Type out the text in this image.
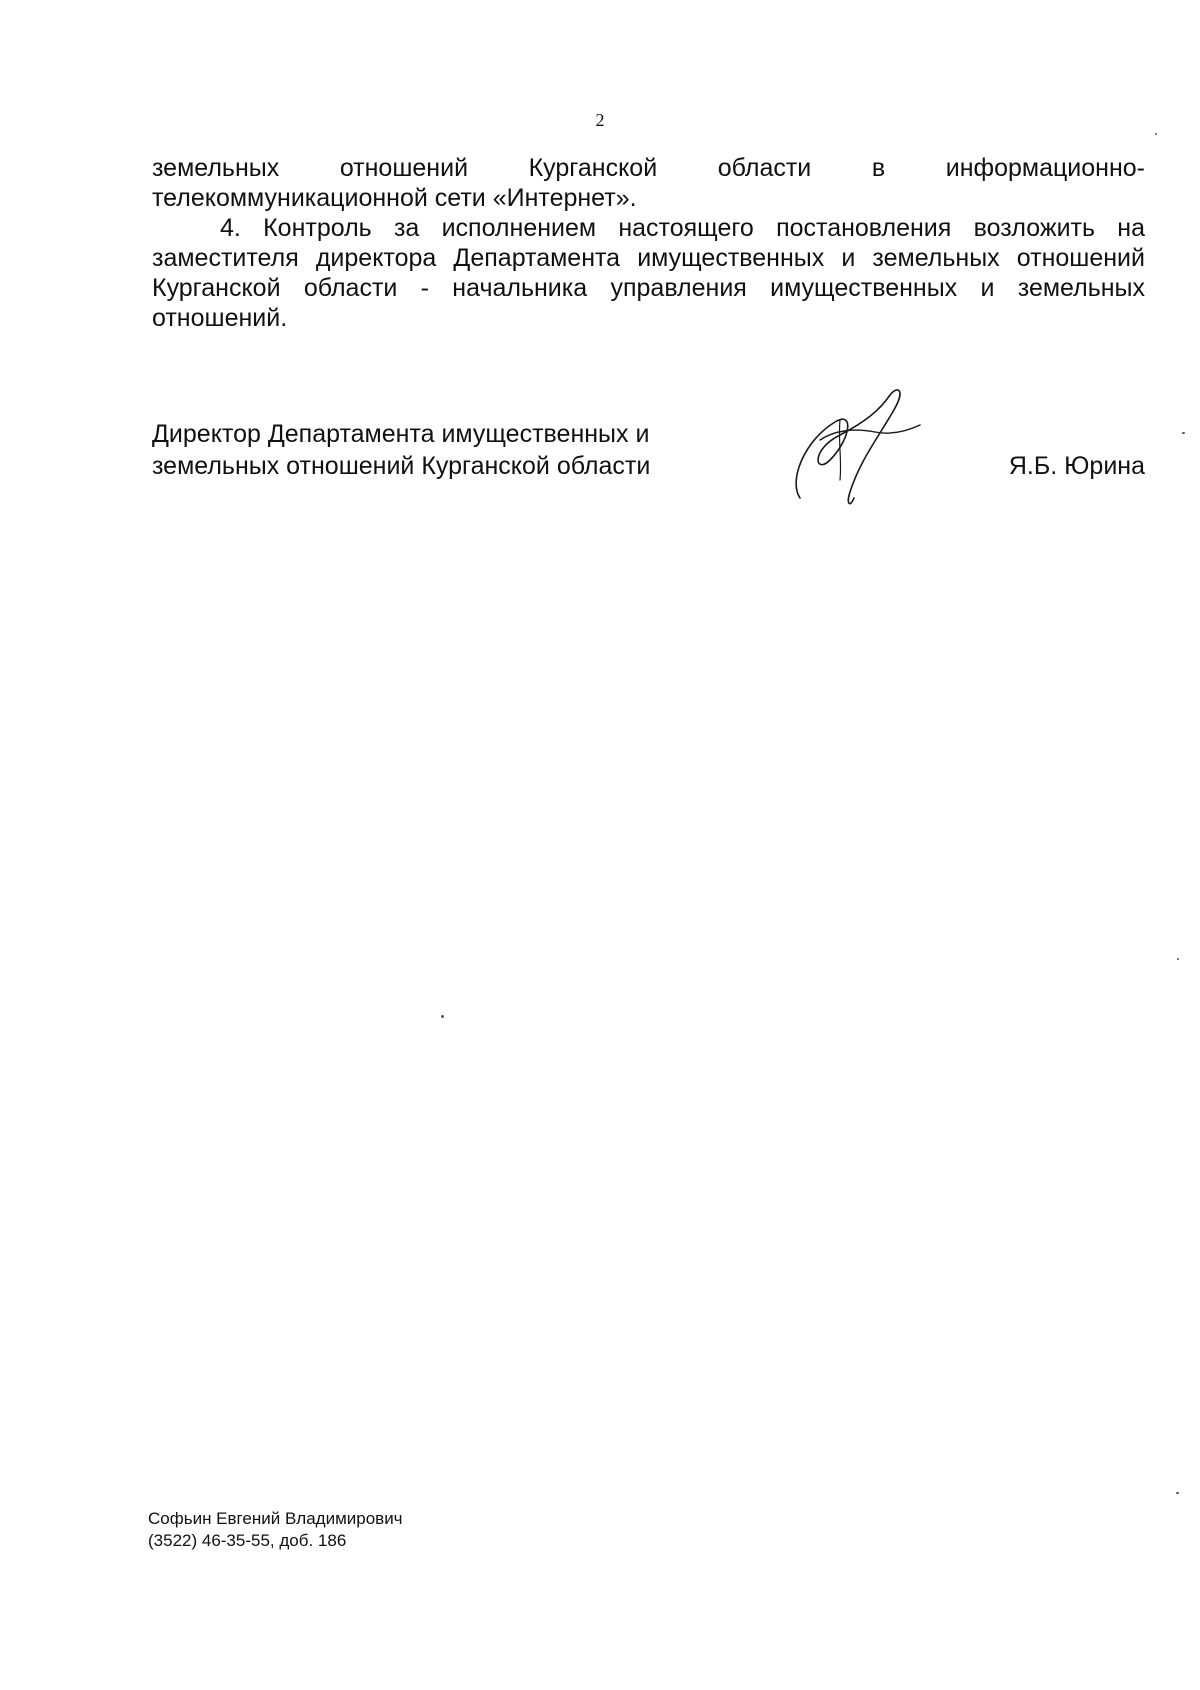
2

земельных отношений Курганской области в информационно-телекоммуникационной сети «Интернет».

4. Контроль за исполнением настоящего постановления возложить на заместителя директора Департамента имущественных и земельных отношений Курганской области - начальника управления имущественных и земельных отношений.

Директор Департамента имущественных и
земельных отношений Курганской области	Я.Б. Юрина
Софьин Евгений Владимирович
(3522) 46-35-55, доб. 186
